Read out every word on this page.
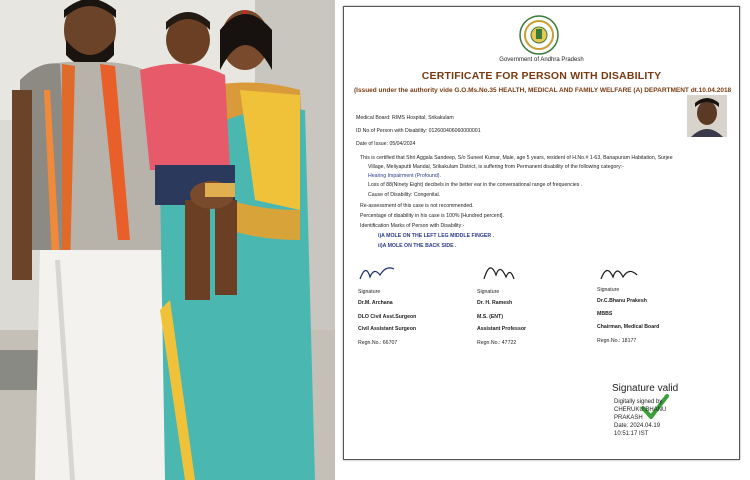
Government of Andhra Pradesh
CERTIFICATE FOR PERSON WITH DISABILITY
(Issued under the authority vide G.O.Ms.No.35 HEALTH, MEDICAL AND FAMILY WELFARE (A) DEPARTMENT dt.10.04.2018
Medical Board: RIMS Hospital, Srikakulam
ID No.of Person with Disability: 012600406060000001
Date of Issue: 05/04/2024
This is certified that Shri Aggala Sandeep, S/o Suneel Kumar, Male, age 5 years, resident of H.No.# 1-63, Banapuram Habitation, Surjee
Village, Meliyaputti Mandal, Srikakulam District, is suffering from Permanent disability of the following category:-
Hearing Impairment (Profound).
Loss of 88(Ninety Eight) decibels in the better ear in the conversational range of frequencies .
Cause of Disability: Congenital.
Re-assessment of this case is not recommended.
Percentage of disability in his case is 100% [Hundred percent].
Identification Marks of Person with Disability:-
i)A MOLE ON THE LEFT LEG MIDDLE FINGER .
ii)A MOLE ON THE BACK SIDE .
Signature	Signature	Signature
Dr.M. Archana	Dr. H. Ramesh	Dr.C.Bhanu Prakesh
DLO Civil Asst.Surgeon	M.S. (ENT)	MBBS
Civil Assistant Surgeon	Assistant Professor	Chairman, Medical Board
Regn.No.: 66707	Regn.No.: 47722	Regn.No.: 18177
Signature valid
Digitally signed by
CHERUKU BHANU
PRAKASH
Date: 2024.04.19
10:51:17 IST
